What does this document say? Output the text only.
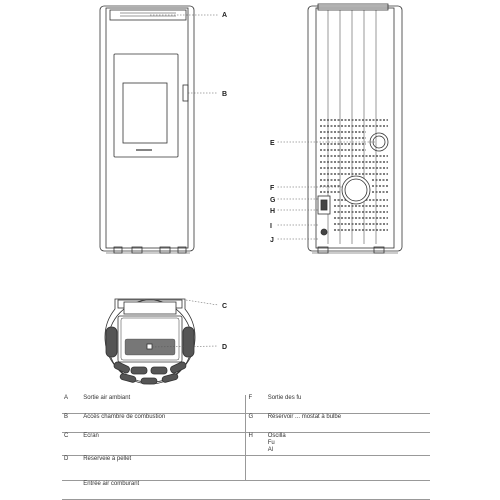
A
B
E
F
G
H
I
J
C
D
A	Sortie air ambiant	F	Sortie des fu
B	Accès chambre de combustion	G	Réservoir ... mostat à bulbe
C	Ecran	H	Oscilla
Fu
Al

D	Reserveie à pellet		
	Entrée air comburant		
